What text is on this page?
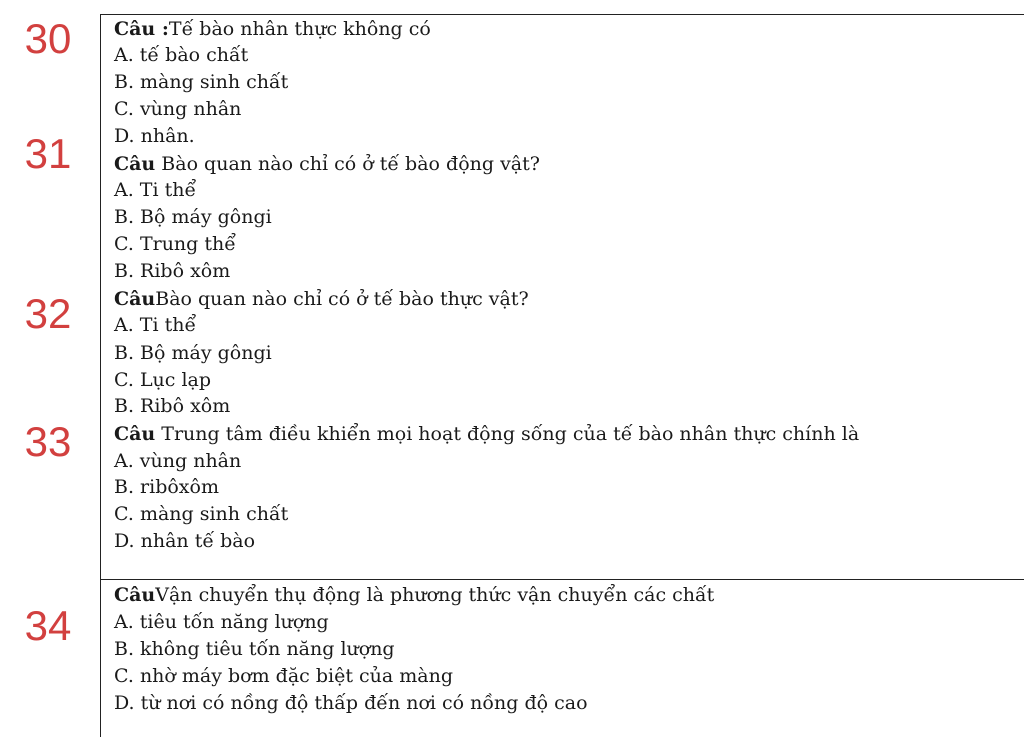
30
31
32
33
34
Câu :Tế bào nhân thực không có
A. tế bào chất
B. màng sinh chất
C. vùng nhân
D. nhân.
Câu Bào quan nào chỉ có ở tế bào động vật?
A. Ti thể
B. Bộ máy gôngi
C. Trung thể
B. Ribô xôm
CâuBào quan nào chỉ có ở tế bào thực vật?
A. Ti thể
B. Bộ máy gôngi
C. Lục lạp
B. Ribô xôm
Câu Trung tâm điều khiển mọi hoạt động sống của tế bào nhân thực chính là
A. vùng nhân
B. ribôxôm
C. màng sinh chất
D. nhân tế bào
CâuVận chuyển thụ động là phương thức vận chuyển các chất
A. tiêu tốn năng lượng
B. không tiêu tốn năng lượng
C. nhờ máy bơm đặc biệt của màng
D. từ nơi có nồng độ thấp đến nơi có nồng độ cao
